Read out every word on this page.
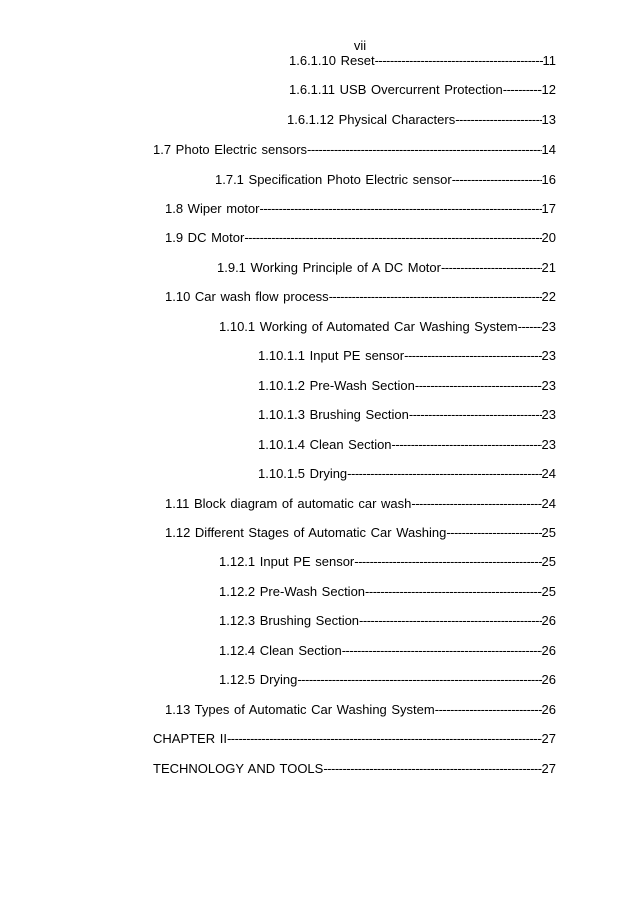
vii
1.6.1.10 Reset -----	11
1.6.1.11 USB Overcurrent Protection -----	12
1.6.1.12 Physical Characters -----	13
1.7 Photo Electric sensors -----	14
1.7.1 Specification Photo Electric sensor -----	16
1.8 Wiper motor -----	17
1.9 DC Motor -----	20
1.9.1 Working Principle of A DC Motor -----	21
1.10 Car wash flow process -----	22
1.10.1 Working of Automated Car Washing System ----- 23
1.10.1.1 Input PE sensor -----	23
1.10.1.2 Pre-Wash Section -----	23
1.10.1.3 Brushing Section -----	23
1.10.1.4 Clean Section -----	23
1.10.1.5 Drying -----	24
1.11 Block diagram of automatic car wash -----	24
1.12 Different Stages of Automatic Car Washing -----	25
1.12.1 Input PE sensor -----	25
1.12.2 Pre-Wash Section -----	25
1.12.3 Brushing Section -----	26
1.12.4 Clean Section -----	26
1.12.5 Drying -----	26
1.13 Types of Automatic Car Washing System -----	26
CHAPTER II -----	27
TECHNOLOGY AND TOOLS -----	27
